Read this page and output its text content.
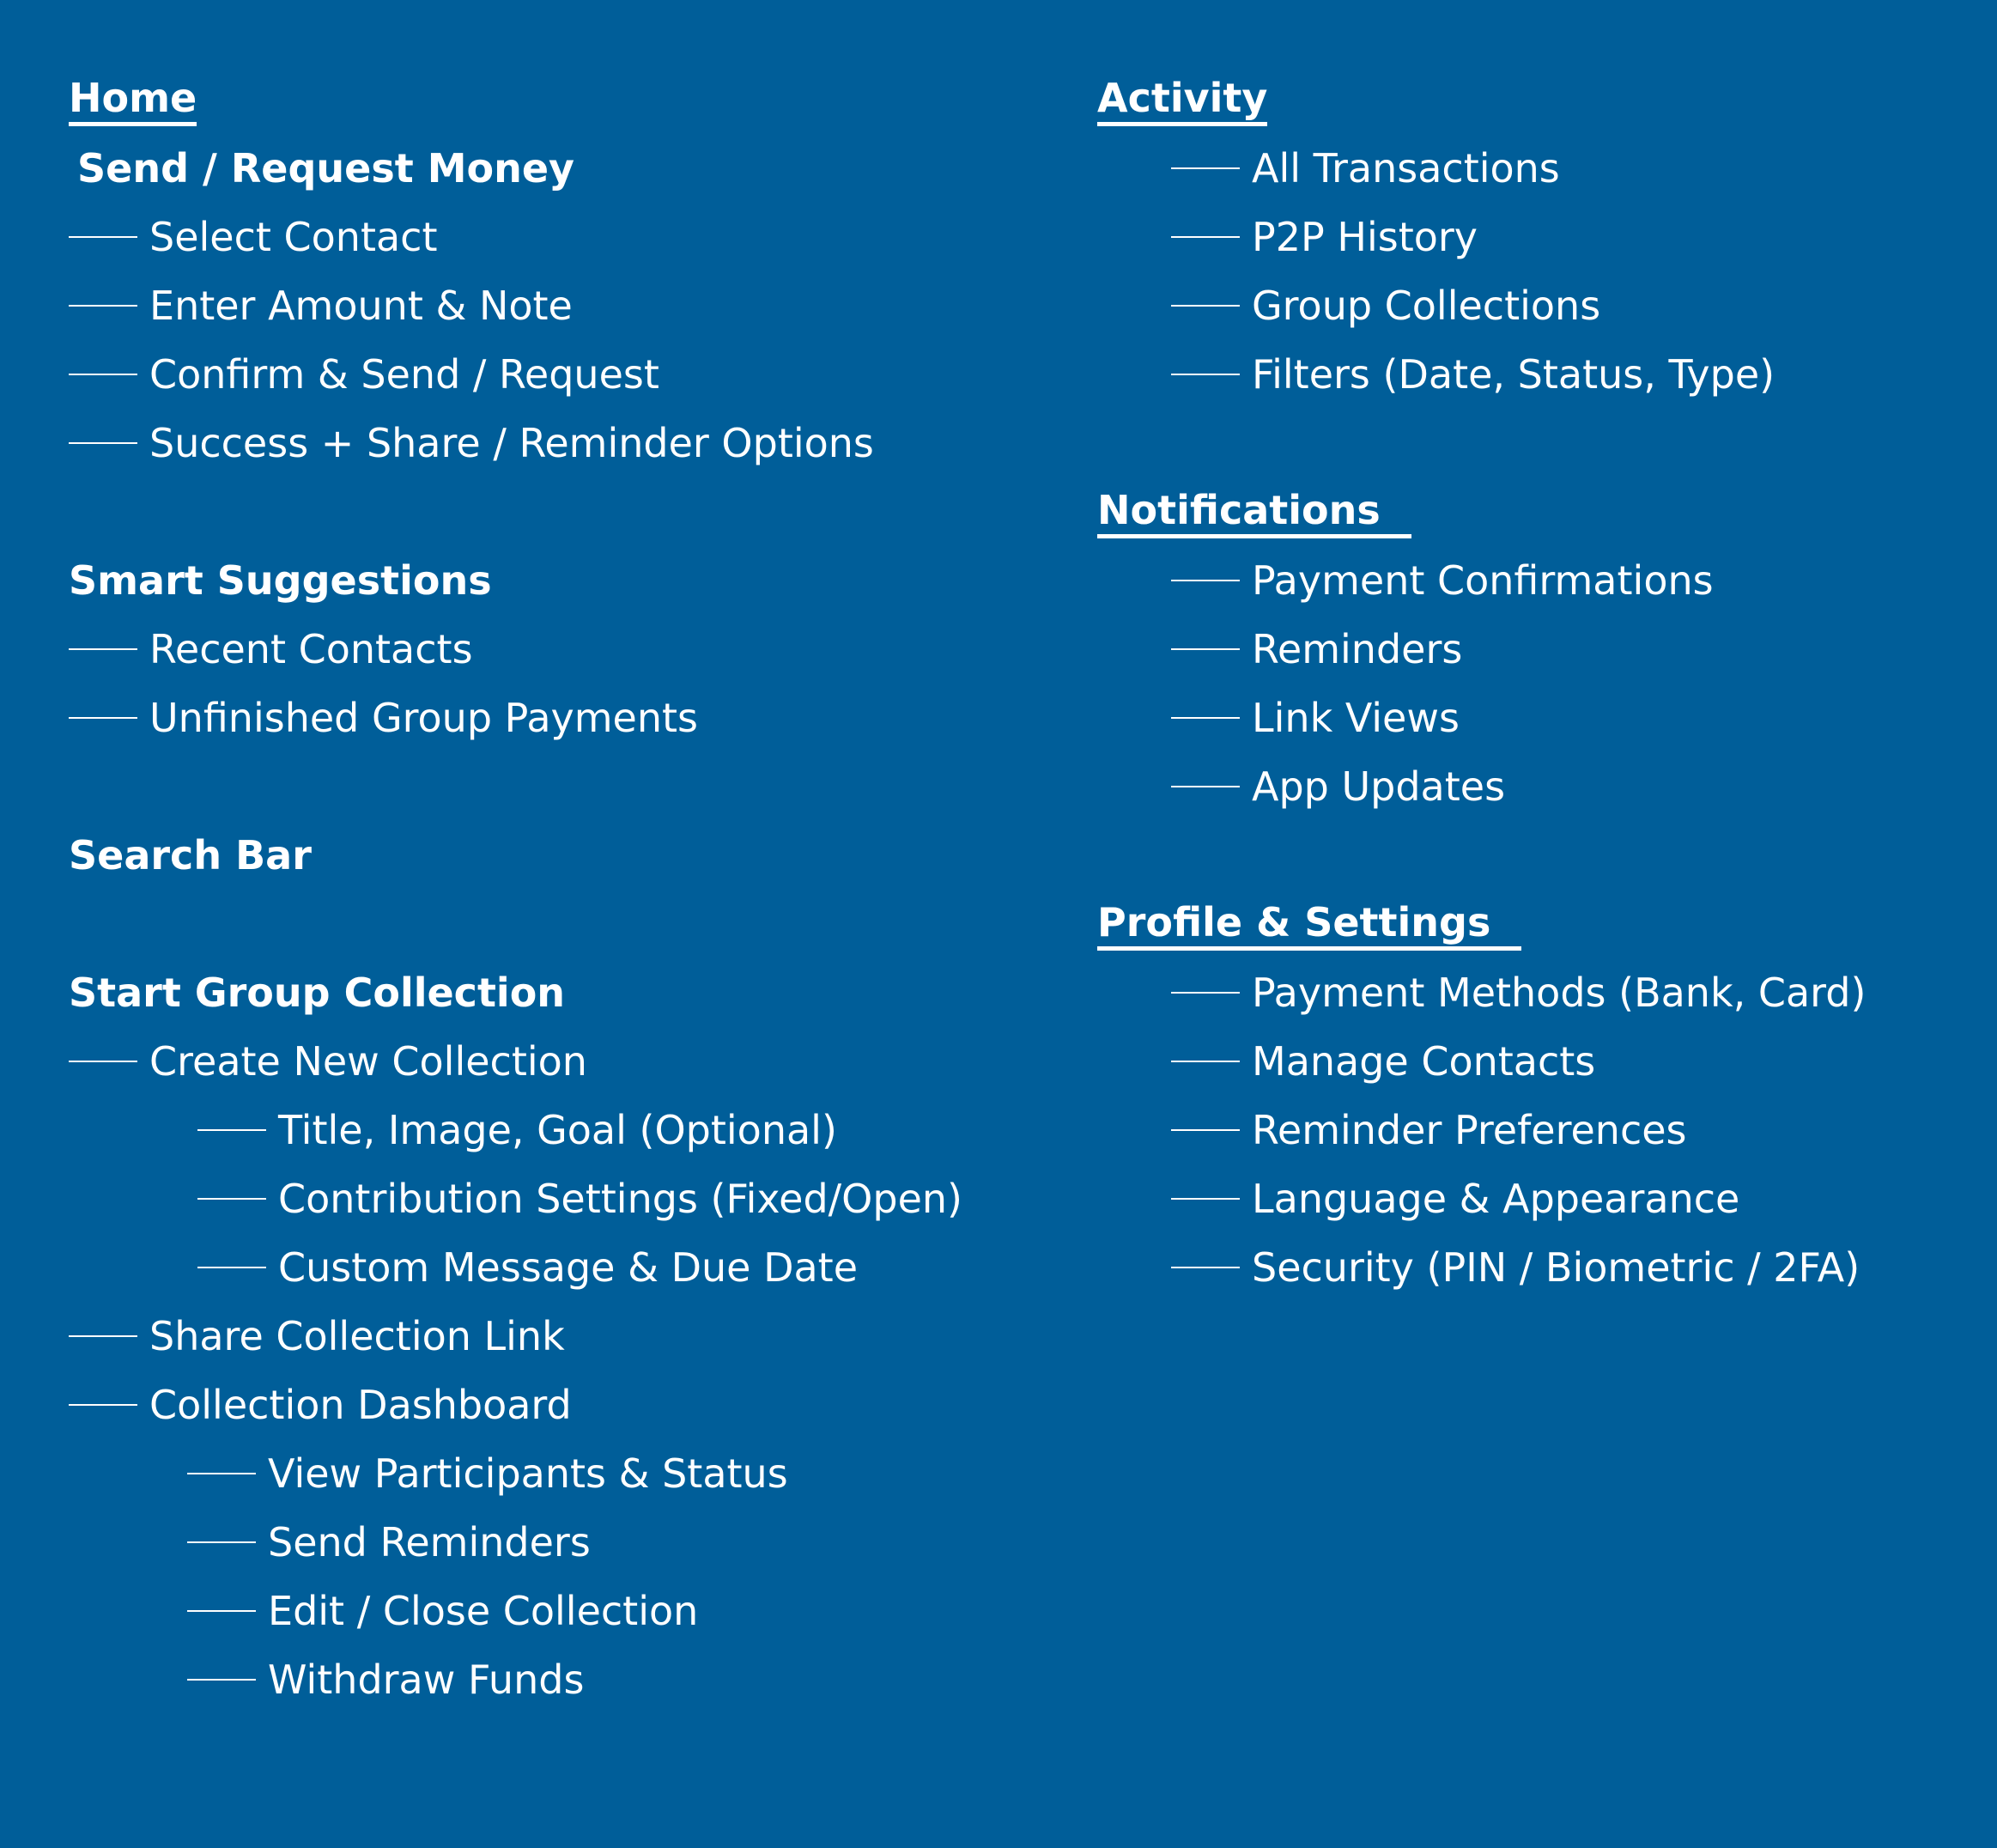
Home
Send / Request Money
Select Contact
Enter Amount & Note
Confirm & Send / Request
Success + Share / Reminder Options
Smart Suggestions
Recent Contacts
Unfinished Group Payments
Search Bar
Start Group Collection
Create New Collection
Title, Image, Goal (Optional)
Contribution Settings (Fixed/Open)
Custom Message & Due Date
Share Collection Link
Collection Dashboard
View Participants & Status
Send Reminders
Edit / Close Collection
Withdraw Funds
Activity
All Transactions
P2P History
Group Collections
Filters (Date, Status, Type)
Notifications
Payment Confirmations
Reminders
Link Views
App Updates
Profile & Settings
Payment Methods (Bank, Card)
Manage Contacts
Reminder Preferences
Language & Appearance
Security (PIN / Biometric / 2FA)
